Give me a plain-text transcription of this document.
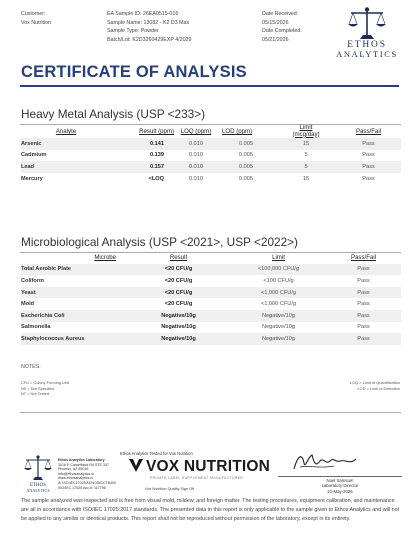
Customer:
Vox Nutrition
EA Sample ID: 26EA0515-016
Sample Name: 13082 - K2 D3 Max
Sample Type: Powder
Batch/Lot: K2D3260429EXP 4/2029
Date Received:
05/15/2026
Date Completed:
05/21/2026
ETHOS
ANALYTICS
CERTIFICATE OF ANALYSIS
Heavy Metal Analysis (USP <233>)
Analyte	Result (ppm)	LOQ (ppm)	LOD (ppm)	Limit
(mcg/day)	Pass/Fail
Arsenic	0.141	0.010	0.005	15	Pass
Cadmium	0.139	0.010	0.005	5	Pass
Lead	0.157	0.010	0.005	5	Pass
Mercury	<LOQ	0.010	0.005	15	Pass
Microbiological Analysis (USP <2021>, USP <2022>)
Microbe	Result	Limit	Pass/Fail
Total Aerobic Plate	<20 CFU/g	<100,000 CFU/g	Pass
Coliform	<20 CFU/g	<100 CFU/g	Pass
Yeast	<20 CFU/g	<1,000 CFU/g	Pass
Mold	<20 CFU/g	<1,000 CFU/g	Pass
Escherichia Coli	Negative/10g	Negative/10g	Pass
Salmonella	Negative/10g	Negative/10g	Pass
Staphylococcus Aureus	Negative/10g	Negative/10g	Pass
NOTES:
CFU = Colony Forming Unit
NS = Not Specified
NT = Not Tested
LOQ = Limit of Quantification
LOD = Limit of Detection
ETHOS
ANALYTICS
Ethos Analytics Laboratory
3016 E Camelback Rd STE 347
Phoenix, AZ 85016
info@ethosanalytics.io
www.ethosanalytics.io
A: ISO/IEC17025 ACNOSIOCT8449
ISO/IEC 17025 Acc.#: 117796
Ethos Analytics Tested for Vox Nutrition
VOX NUTRITION
PRIVATE LABEL SUPPLEMENT MANUFACTURER
Vox Nutrition Quality Sign Off
Noel Samsum
Laboratory Director
21-May-2026
The sample analyzed was inspected and is free from visual mold, mildew, and foreign matter. The testing procedures, equipment calibration, and maintenance are all in accordance with ISO/IEC 17025:2017 standards. The presented data in this report is only applicable to the sample given to Ethos Analytics and will not be applied to any similar or identical products. This report shall not be reproduced without permission of the laboratory, except in its entirety.
